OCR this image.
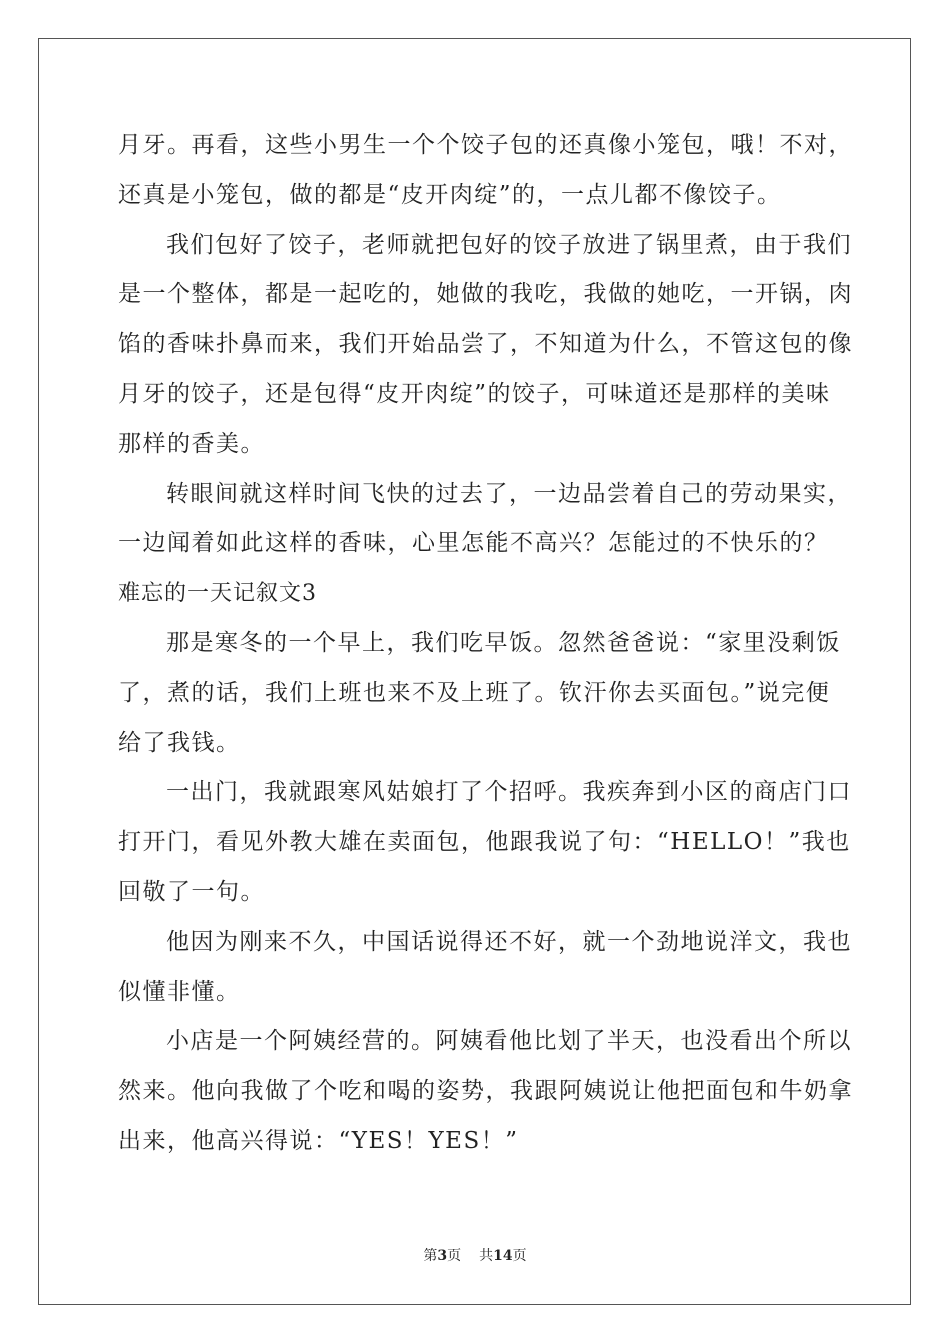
月牙。再看，这些小男生一个个饺子包的还真像小笼包，哦！不对，
还真是小笼包，做的都是“皮开肉绽”的，一点儿都不像饺子。
我们包好了饺子，老师就把包好的饺子放进了锅里煮，由于我们
是一个整体，都是一起吃的，她做的我吃，我做的她吃，一开锅，肉
馅的香味扑鼻而来，我们开始品尝了，不知道为什么，不管这包的像
月牙的饺子，还是包得“皮开肉绽”的饺子，可味道还是那样的美味
那样的香美。
转眼间就这样时间飞快的过去了，一边品尝着自己的劳动果实，
一边闻着如此这样的香味，心里怎能不高兴？怎能过的不快乐的？
难忘的一天记叙文3
那是寒冬的一个早上，我们吃早饭。忽然爸爸说：“家里没剩饭
了，煮的话，我们上班也来不及上班了。钦汗你去买面包。”说完便
给了我钱。
一出门，我就跟寒风姑娘打了个招呼。我疾奔到小区的商店门口
打开门，看见外教大雄在卖面包，他跟我说了句：“HELLO！”我也
回敬了一句。
他因为刚来不久，中国话说得还不好，就一个劲地说洋文，我也
似懂非懂。
小店是一个阿姨经营的。阿姨看他比划了半天，也没看出个所以
然来。他向我做了个吃和喝的姿势，我跟阿姨说让他把面包和牛奶拿
出来，他高兴得说：“YES！YES！”
第3页 共14页
